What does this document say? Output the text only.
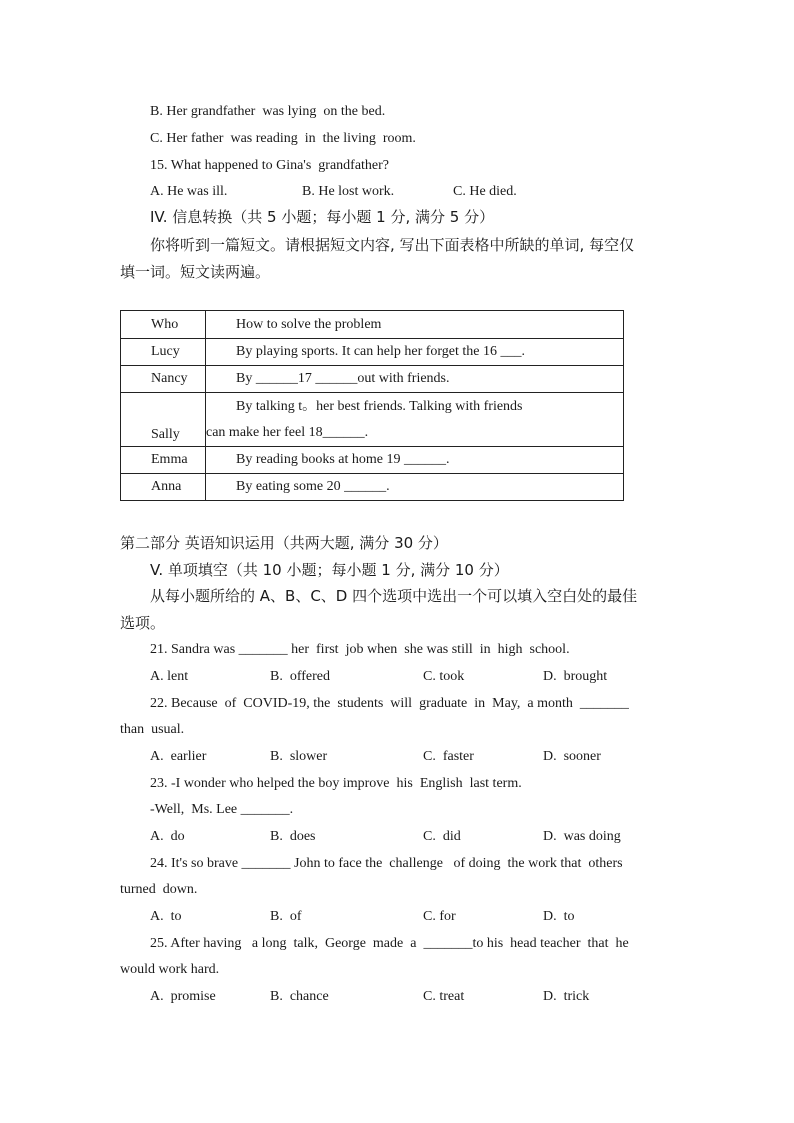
B. Her grandfather  was lying  on the bed.
C. Her father  was reading  in  the living  room.
15. What happened to Gina's  grandfather?
A. He was ill.	B. He lost work.	C. He died.
IV. 信息转换（共 5 小题；每小题 1 分, 满分 5 分）
你将听到一篇短文。请根据短文内容, 写出下面表格中所缺的单词, 每空仅
填一词。短文读两遍。
Who	How to solve the problem
Lucy	By playing sports. It can help her forget the 16 ___.
Nancy	By ______17 ______out with friends.
Sally	By talking t。her best friends. Talking with friends
can make her feel 18______.

Emma	By reading books at home 19 ______.
Anna	By eating some 20 ______.
第二部分 英语知识运用（共两大题, 满分 30 分）
V. 单项填空（共 10 小题；每小题 1 分, 满分 10 分）
从每小题所给的 A、B、C、D 四个选项中选出一个可以填入空白处的最佳
选项。
21. Sandra was _______ her  first  job when  she was still  in  high  school.
A. lent	B.  offered	C. took	D.  brought
22. Because  of  COVID-19, the  students  will  graduate  in  May,  a month  _______
than  usual.
A.  earlier	B.  slower	C.  faster	D.  sooner
23. -I wonder who helped the boy improve  his  English  last term.
-Well,  Ms. Lee _______.
A.  do	B.  does	C.  did	D.  was doing
24. It's so brave _______ John to face the  challenge   of doing  the work that  others
turned  down.
A.  to	B.  of	C. for	D.  to
25. After having   a long  talk,  George  made  a  _______to his  head teacher  that  he
would work hard.
A.  promise	B.  chance	C. treat	D.  trick
